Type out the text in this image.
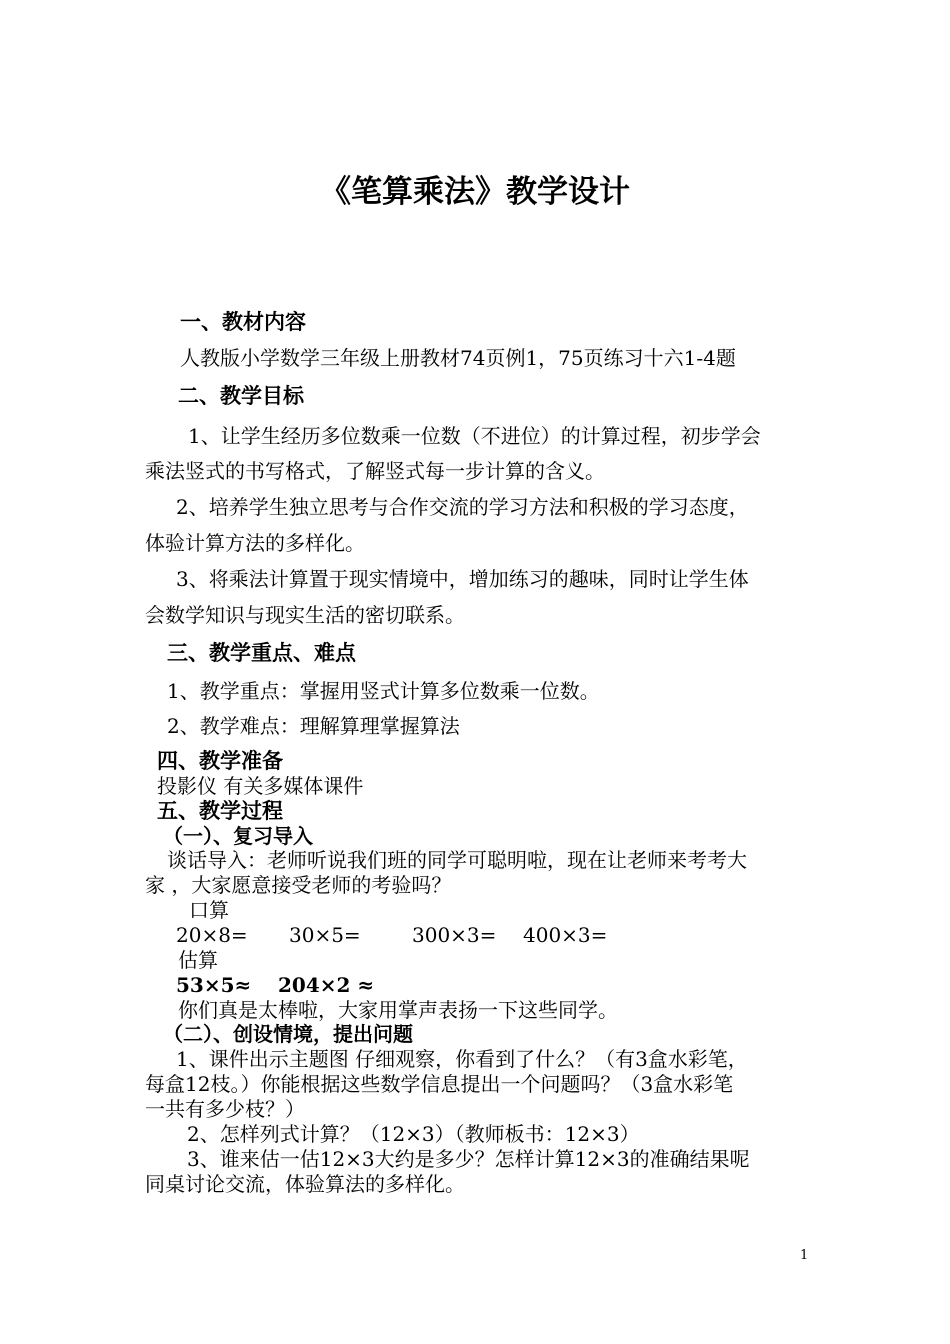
《笔算乘法》教学设计
一、教材内容
人教版小学数学三年级上册教材74页例1，75页练习十六1-4题
二、教学目标
1、让学生经历多位数乘一位数（不进位）的计算过程，初步学会
乘法竖式的书写格式，了解竖式每一步计算的含义。
2、培养学生独立思考与合作交流的学习方法和积极的学习态度，
体验计算方法的多样化。
3、将乘法计算置于现实情境中，增加练习的趣味，同时让学生体
会数学知识与现实生活的密切联系。
三、教学重点、难点
1、教学重点：掌握用竖式计算多位数乘一位数。
2、教学难点：理解算理掌握算法
四、教学准备
投影仪 有关多媒体课件
五、教学过程
（一）、复习导入
谈话导入：老师听说我们班的同学可聪明啦，现在让老师来考考大
家 ，大家愿意接受老师的考验吗？
口算
20×8= 30×5=	300×3= 400×3=
估算
53×5≈ 204×2 ≈
你们真是太棒啦，大家用掌声表扬一下这些同学。
（二）、创设情境，提出问题
1、课件出示主题图 仔细观察，你看到了什么？（有3盒水彩笔，
每盒12枝。）你能根据这些数学信息提出一个问题吗？（3盒水彩笔
一共有多少枝？）
2、怎样列式计算？（12×3）（教师板书：12×3）
3、谁来估一估12×3大约是多少？怎样计算12×3的准确结果呢
同桌讨论交流，体验算法的多样化。
1
